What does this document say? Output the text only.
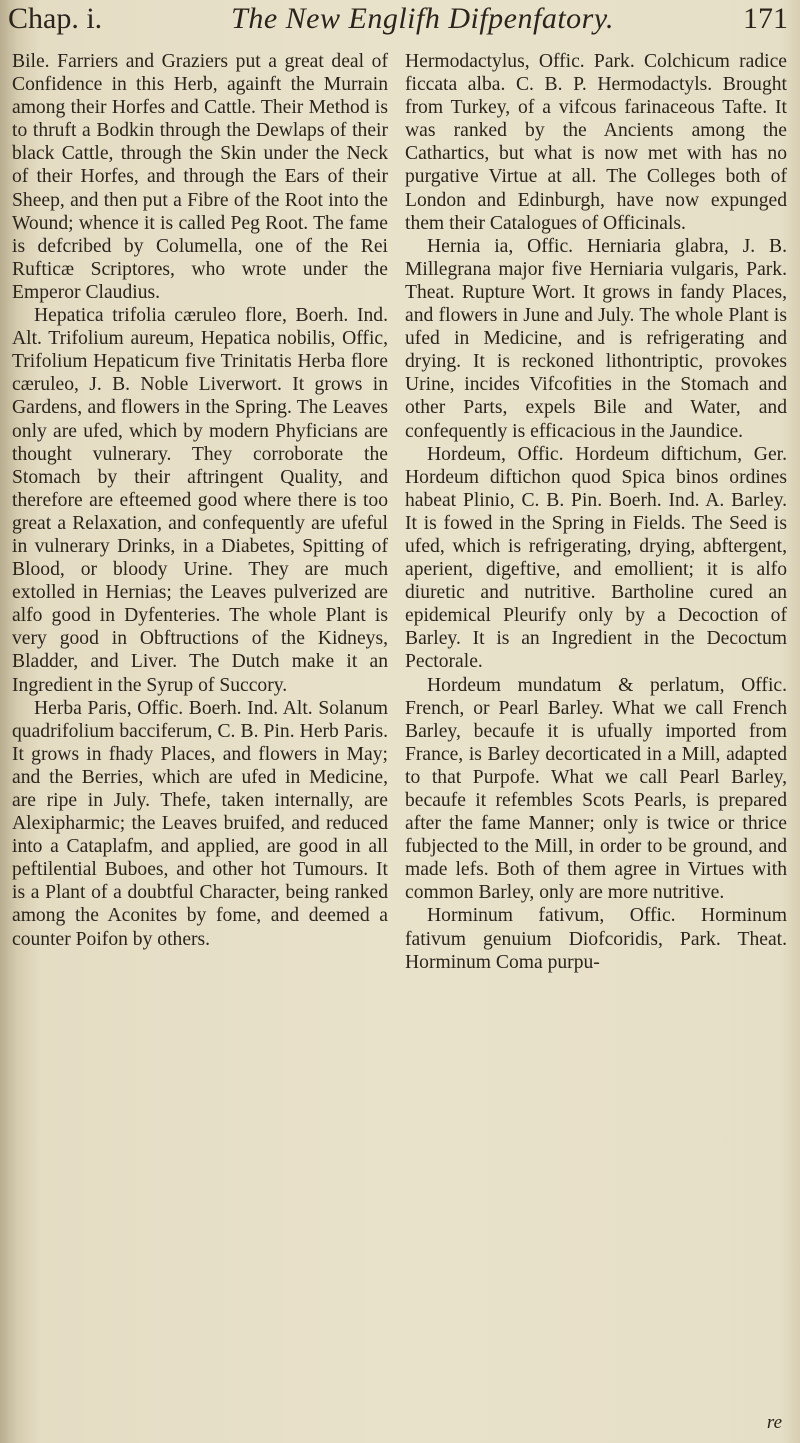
Chap. i.	The New Englifh Difpenfatory.	171

Bile. Farriers and Graziers put a great deal of Confidence in this Herb, againft the Murrain among their Horfes and Cattle. Their Method is to thruft a Bodkin through the Dewlaps of their black Cattle, through the Skin under the Neck of their Horfes, and through the Ears of their Sheep, and then put a Fibre of the Root into the Wound; whence it is called Peg Root. The fame is defcribed by Columella, one of the Rei Rufticæ Scriptores, who wrote under the Emperor Claudius.

Hepatica trifolia cæruleo flore, Boerh. Ind. Alt. Trifolium aureum, Hepatica nobilis, Offic, Trifolium Hepaticum five Trinitatis Herba flore cæruleo, J. B. Noble Liverwort. It grows in Gardens, and flowers in the Spring. The Leaves only are ufed, which by modern Phyficians are thought vulnerary. They corroborate the Stomach by their aftringent Quality, and therefore are efteemed good where there is too great a Relaxation, and confequently are ufeful in vulnerary Drinks, in a Diabetes, Spitting of Blood, or bloody Urine. They are much extolled in Hernias; the Leaves pulverized are alfo good in Dyfenteries. The whole Plant is very good in Obftructions of the Kidneys, Bladder, and Liver. The Dutch make it an Ingredient in the Syrup of Succory.

Herba Paris, Offic. Boerh. Ind. Alt. Solanum quadrifolium bacciferum, C. B. Pin. Herb Paris. It grows in fhady Places, and flowers in May; and the Berries, which are ufed in Medicine, are ripe in July. Thefe, taken internally, are Alexipharmic; the Leaves bruifed, and reduced into a Cataplafm, and applied, are good in all peftilential Buboes, and other hot Tumours. It is a Plant of a doubtful Character, being ranked among the Aconites by fome, and deemed a counter Poifon by others.

Hermodactylus, Offic. Park. Colchicum radice ficcata alba. C. B. P. Hermodactyls. Brought from Turkey, of a vifcous farinaceous Tafte. It was ranked by the Ancients among the Cathartics, but what is now met with has no purgative Virtue at all. The Colleges both of London and Edinburgh, have now expunged them their Catalogues of Officinals.

Hernia ia, Offic. Herniaria glabra, J. B. Millegrana major five Herniaria vulgaris, Park. Theat. Rupture Wort. It grows in fandy Places, and flowers in June and July. The whole Plant is ufed in Medicine, and is refrigerating and drying. It is reckoned lithontriptic, provokes Urine, incides Vifcofities in the Stomach and other Parts, expels Bile and Water, and confequently is efficacious in the Jaundice.

Hordeum, Offic. Hordeum diftichum, Ger. Hordeum diftichon quod Spica binos ordines habeat Plinio, C. B. Pin. Boerh. Ind. A. Barley. It is fowed in the Spring in Fields. The Seed is ufed, which is refrigerating, drying, abftergent, aperient, digeftive, and emollient; it is alfo diuretic and nutritive. Bartholine cured an epidemical Pleurify only by a Decoction of Barley. It is an Ingredient in the Decoctum Pectorale.

Hordeum mundatum & perlatum, Offic. French, or Pearl Barley. What we call French Barley, becaufe it is ufually imported from France, is Barley decorticated in a Mill, adapted to that Purpofe. What we call Pearl Barley, becaufe it refembles Scots Pearls, is prepared after the fame Manner; only is twice or thrice fubjected to the Mill, in order to be ground, and made lefs. Both of them agree in Virtues with common Barley, only are more nutritive.

Horminum fativum, Offic. Horminum fativum genuium Diofcoridis, Park. Theat. Horminum Coma purpu-

re
